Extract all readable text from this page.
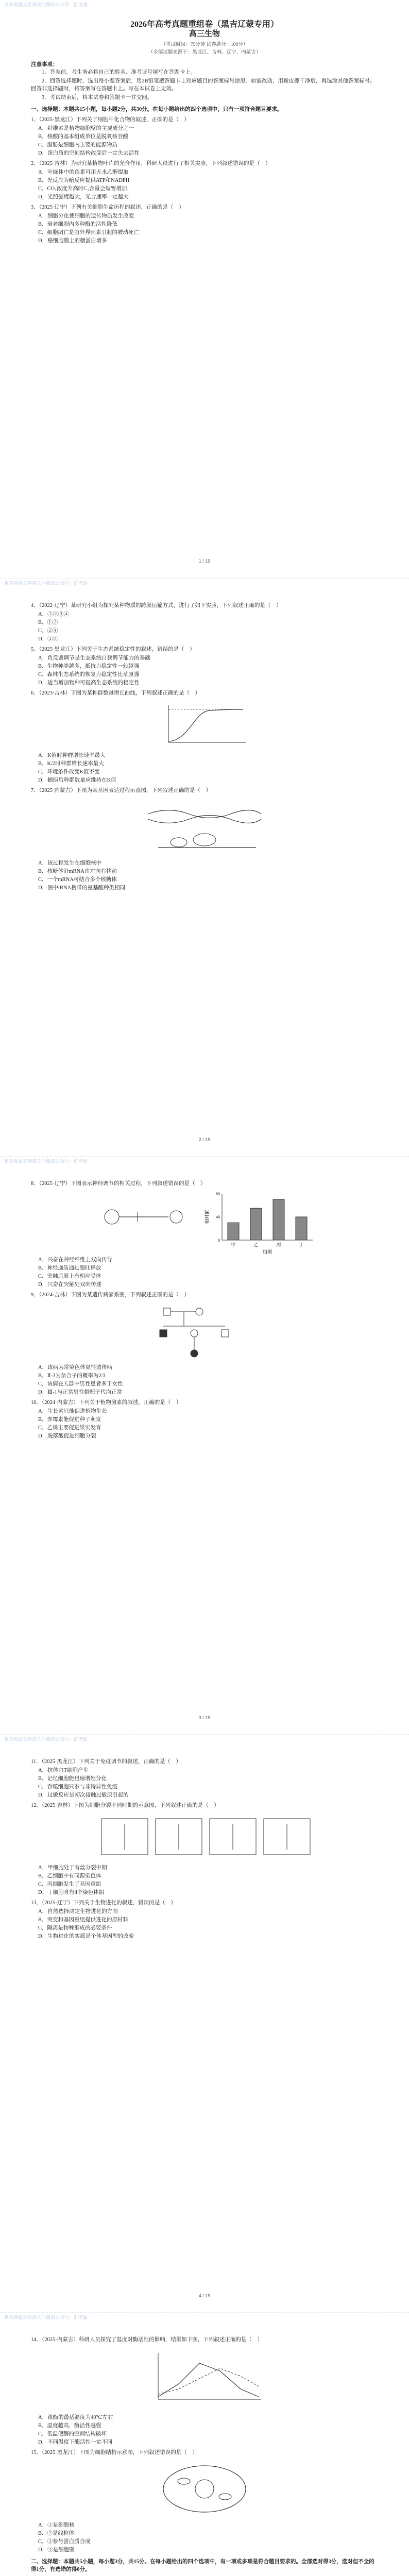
更多真题真卷请关注微信公众号：汇考通
2026年高考真题重组卷（黑吉辽蒙专用）
高三生物
（考试时间：75分钟 试卷满分：100分）
（全部试题来源于：黑龙江、吉林、辽宁、内蒙古）
注意事项：

1．答卷前，考生务必将自己的姓名、准考证号填写在答题卡上。

2．回答选择题时，选出每小题答案后，用2B铅笔把答题卡上对应题目的答案标号涂黑。如需改动，用橡皮擦干净后，再选涂其他答案标号。回答非选择题时，将答案写在答题卡上。写在本试卷上无效。

3．考试结束后，将本试卷和答题卡一并交回。

一、选择题：本题共15小题，每小题2分，共30分。在每小题给出的四个选项中，只有一项符合题目要求。
1．（2025·黑龙江）下列关于细胞中化合物的叙述，正确的是（　）
A．纤维素是植物细胞壁的主要成分之一
B．核酸的基本组成单位是脱氧核苷酸
C．脂肪是细胞内主要的能源物质
D．蛋白质的空间结构改变后一定失去活性
2．（2025·吉林）为研究某植物叶片的光合作用，科研人员进行了相关实验，下列叙述错误的是（　）
A．叶绿体中的色素可用无水乙醇提取
B．光反应为暗反应提供ATP和NADPH
C．CO₂浓度升高时C₃含量会短暂增加
D．光照强度越大，光合速率一定越大
3．（2025·辽宁）下列有关细胞生命历程的叙述，正确的是（　）
A．细胞分化使细胞的遗传物质发生改变
B．衰老细胞内多种酶的活性降低
C．细胞凋亡是由外界因素引起的被动死亡
D．癌细胞膜上的糖蛋白增多
1 / 19
更多真题真卷请关注微信公众号：汇考通
4．（2022·辽宁）某研究小组为探究某种物质的跨膜运输方式，进行了如下实验，下列叙述正确的是（　）
A．①②③④
B．①③
C．②④
D．①④
5．（2025·黑龙江）下列关于生态系统稳定性的叙述，错误的是（　）
A．负反馈调节是生态系统自我调节能力的基础
B．生物种类越多，抵抗力稳定性一般越强
C．森林生态系统的恢复力稳定性比草原强
D．适当增加物种可提高生态系统的稳定性
6．（2023·吉林）下图为某种群数量增长曲线，下列叙述正确的是（　）
A．K值时种群增长速率最大
B．K/2时种群增长速率最大
C．环境条件改变K值不变
D．捕捞后种群数量应维持在K值
7．（2025·内蒙古）下图为某基因表达过程示意图，下列叙述正确的是（　）
A．该过程发生在细胞核中
B．核糖体沿mRNA由左向右移动
C．一个mRNA可结合多个核糖体
D．图中tRNA携带的氨基酸种类相同
2 / 19
更多真题真卷请关注微信公众号：汇考通
8．（2025·辽宁）下图表示神经调节的相关过程，下列叙述错误的是（　）
甲	乙	丙	丁
0
40
80
组别
相对值
A．兴奋在神经纤维上双向传导
B．神经递质通过胞吐释放
C．突触后膜上有相应受体
D．兴奋在突触处双向传递
9．（2024·吉林）下图为某遗传病家系图，下列叙述正确的是（　）
A．该病为常染色体显性遗传病
B．Ⅱ-3为杂合子的概率为2/3
C．该病在人群中男性患者多于女性
D．Ⅲ-1与正常男性婚配子代均正常
10．（2024·内蒙古）下列关于植物激素的叙述，正确的是（　）
A．生长素只能促进植物生长
B．赤霉素能促进种子萌发
C．乙烯主要促进果实发育
D．脱落酸促进细胞分裂
3 / 19
更多真题真卷请关注微信公众号：汇考通
11．（2025·黑龙江）下列关于免疫调节的叙述，正确的是（　）
A．抗体由T细胞产生
B．记忆细胞能迅速增殖分化
C．吞噬细胞只参与非特异性免疫
D．过敏反应是初次接触过敏原引起的
12．（2025·吉林）下图为细胞分裂不同时期的示意图，下列叙述正确的是（　）
A．甲细胞处于有丝分裂中期
B．乙细胞中有同源染色体
C．丙细胞发生了基因重组
D．丁细胞含有4个染色体组
13．（2025·辽宁）下列关于生物进化的叙述，错误的是（　）
A．自然选择决定生物进化的方向
B．突变和基因重组提供进化的原材料
C．隔离是物种形成的必要条件
D．生物进化的实质是个体基因型的改变
4 / 19
更多真题真卷请关注微信公众号：汇考通
14．（2025·内蒙古）科研人员探究了温度对酶活性的影响，结果如下图，下列叙述正确的是（　）
A．该酶的最适温度为40℃左右
B．温度越高，酶活性越强
C．低温使酶的空间结构破坏
D．不同温度下酶活性一定不同
15．（2025·黑龙江）下图为细胞结构示意图，下列叙述错误的是（　）
A．①是细胞核
B．②是线粒体
C．③参与蛋白质合成
D．④是细胞壁
二、选择题：本题共5小题，每小题3分，共15分。在每小题给出的四个选项中，有一项或多项是符合题目要求的。全部选对得3分，选对但不全的得1分，有选错的得0分。
